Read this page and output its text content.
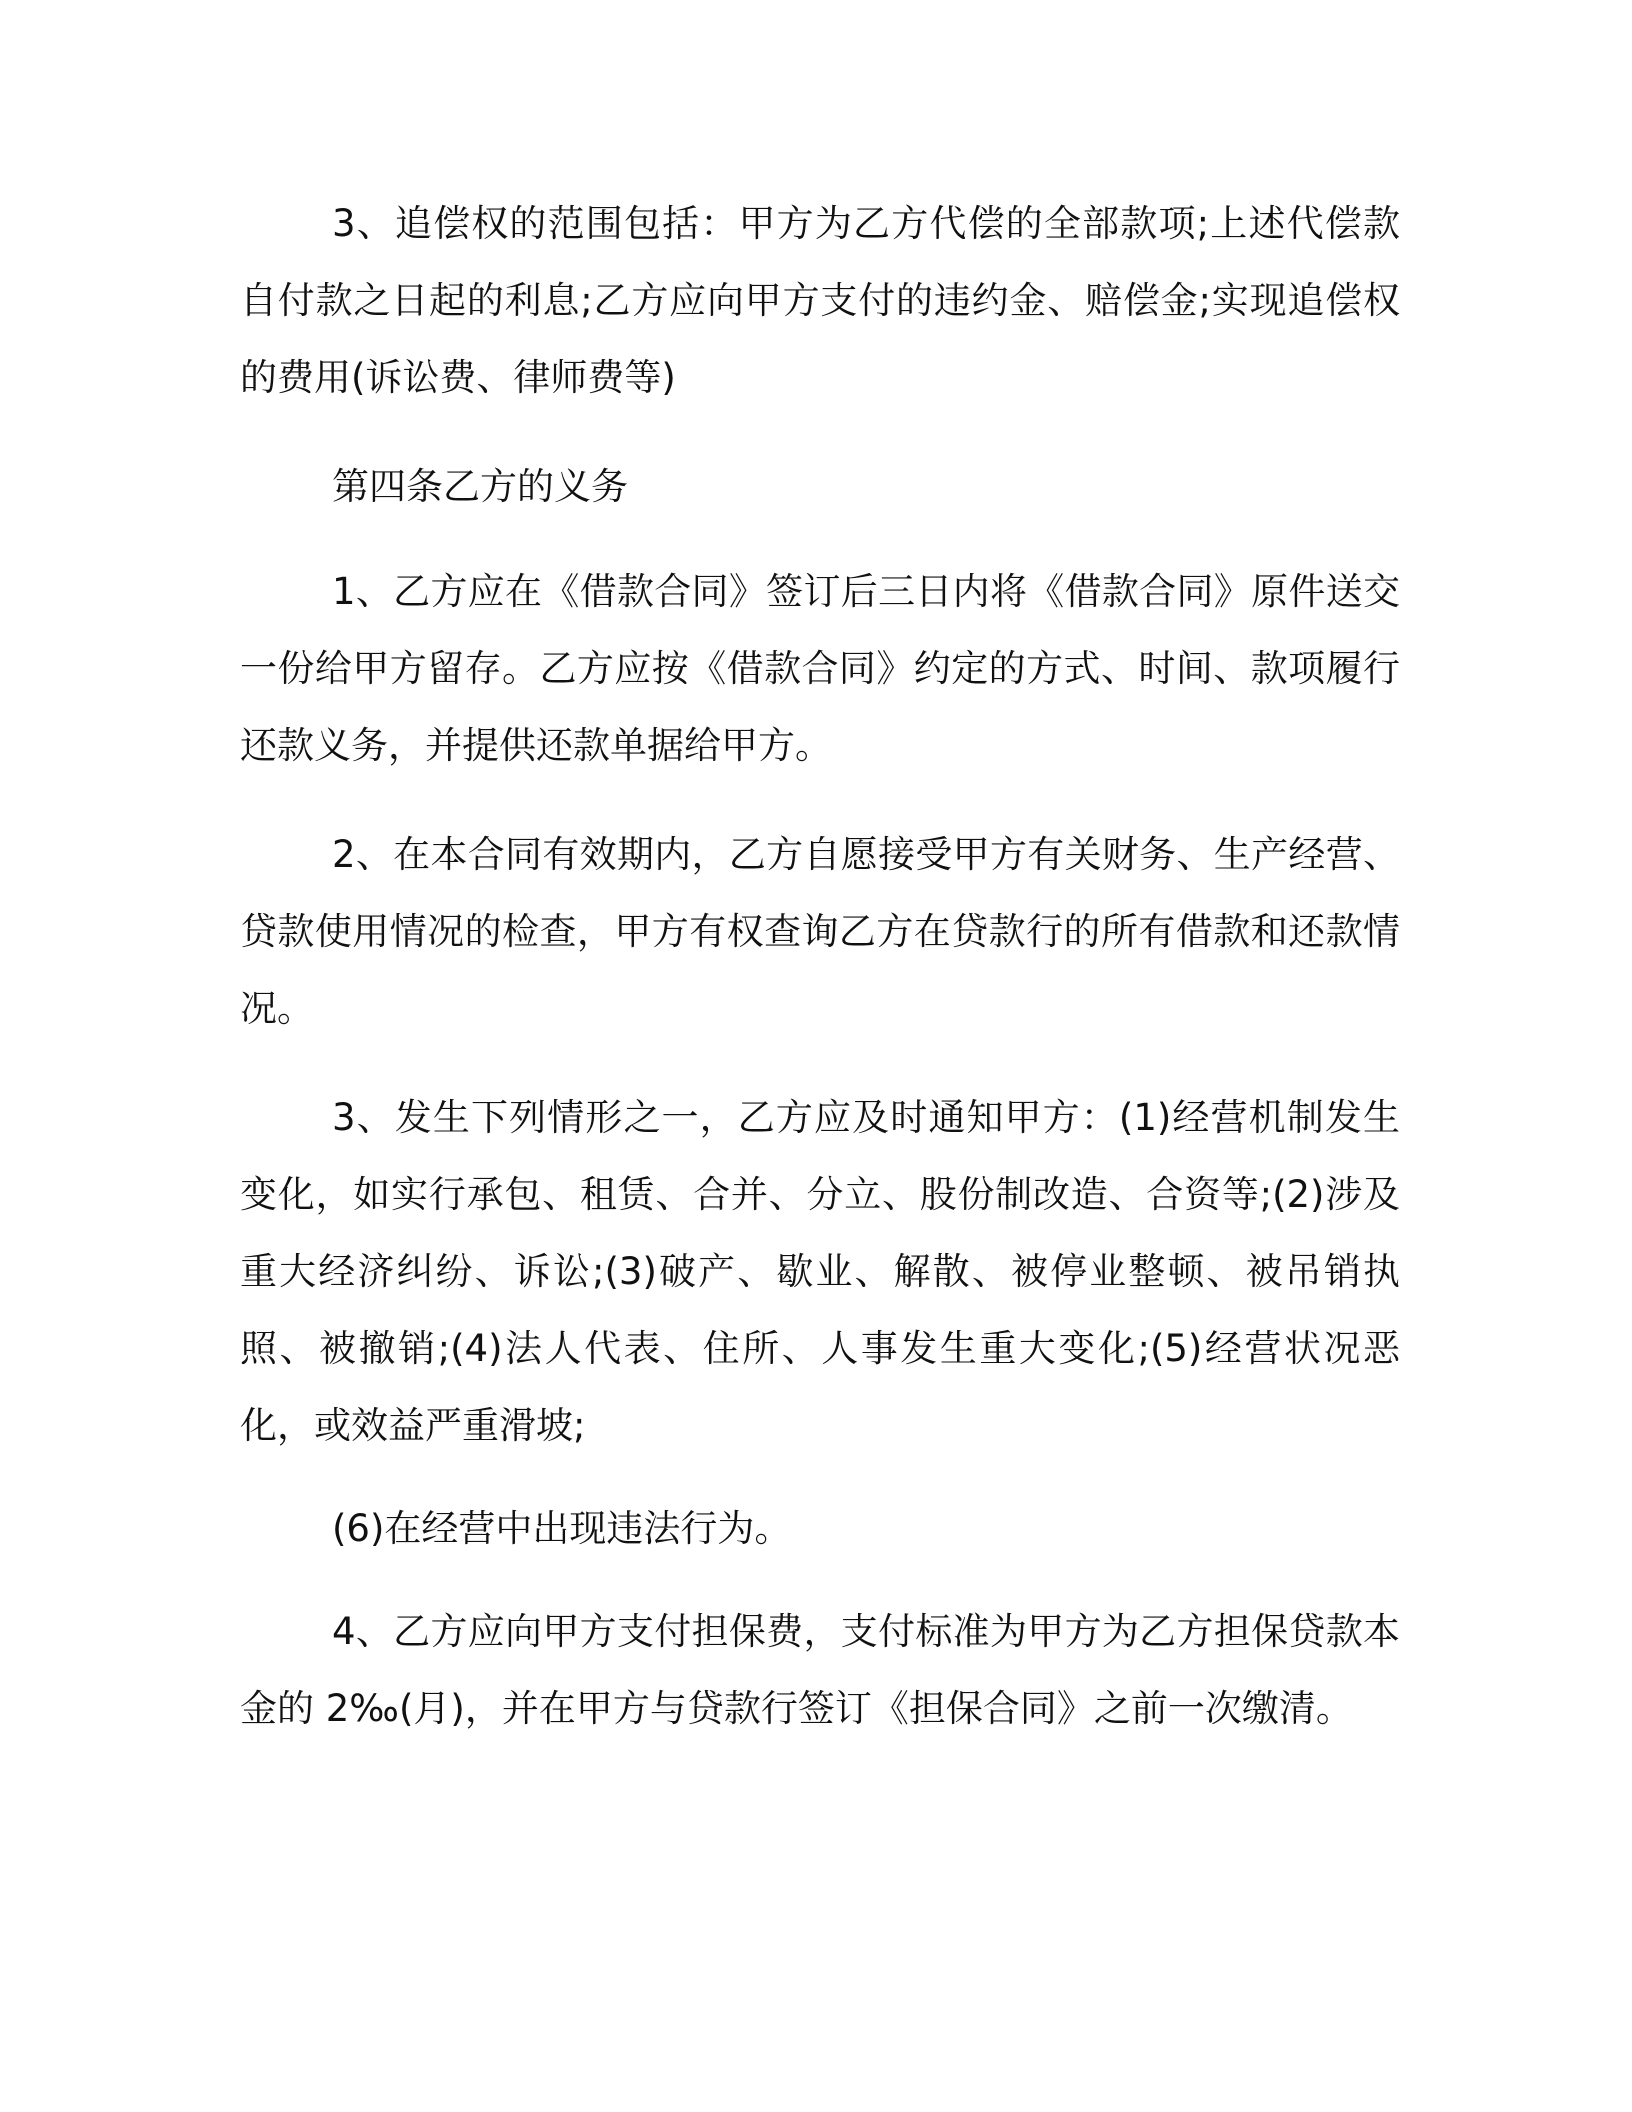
3、追偿权的范围包括：甲方为乙方代偿的全部款项;上述代偿款自付款之日起的利息;乙方应向甲方支付的违约金、赔偿金;实现追偿权的费用(诉讼费、律师费等)

第四条乙方的义务

1、乙方应在《借款合同》签订后三日内将《借款合同》原件送交一份给甲方留存。乙方应按《借款合同》约定的方式、时间、款项履行还款义务，并提供还款单据给甲方。

2、在本合同有效期内，乙方自愿接受甲方有关财务、生产经营、贷款使用情况的检查，甲方有权查询乙方在贷款行的所有借款和还款情况。

3、发生下列情形之一，乙方应及时通知甲方：(1)经营机制发生变化，如实行承包、租赁、合并、分立、股份制改造、合资等;(2)涉及重大经济纠纷、诉讼;(3)破产、歇业、解散、被停业整顿、被吊销执照、被撤销;(4)法人代表、住所、人事发生重大变化;(5)经营状况恶化，或效益严重滑坡;

(6)在经营中出现违法行为。

4、乙方应向甲方支付担保费，支付标准为甲方为乙方担保贷款本金的 2‰(月)，并在甲方与贷款行签订《担保合同》之前一次缴清。
